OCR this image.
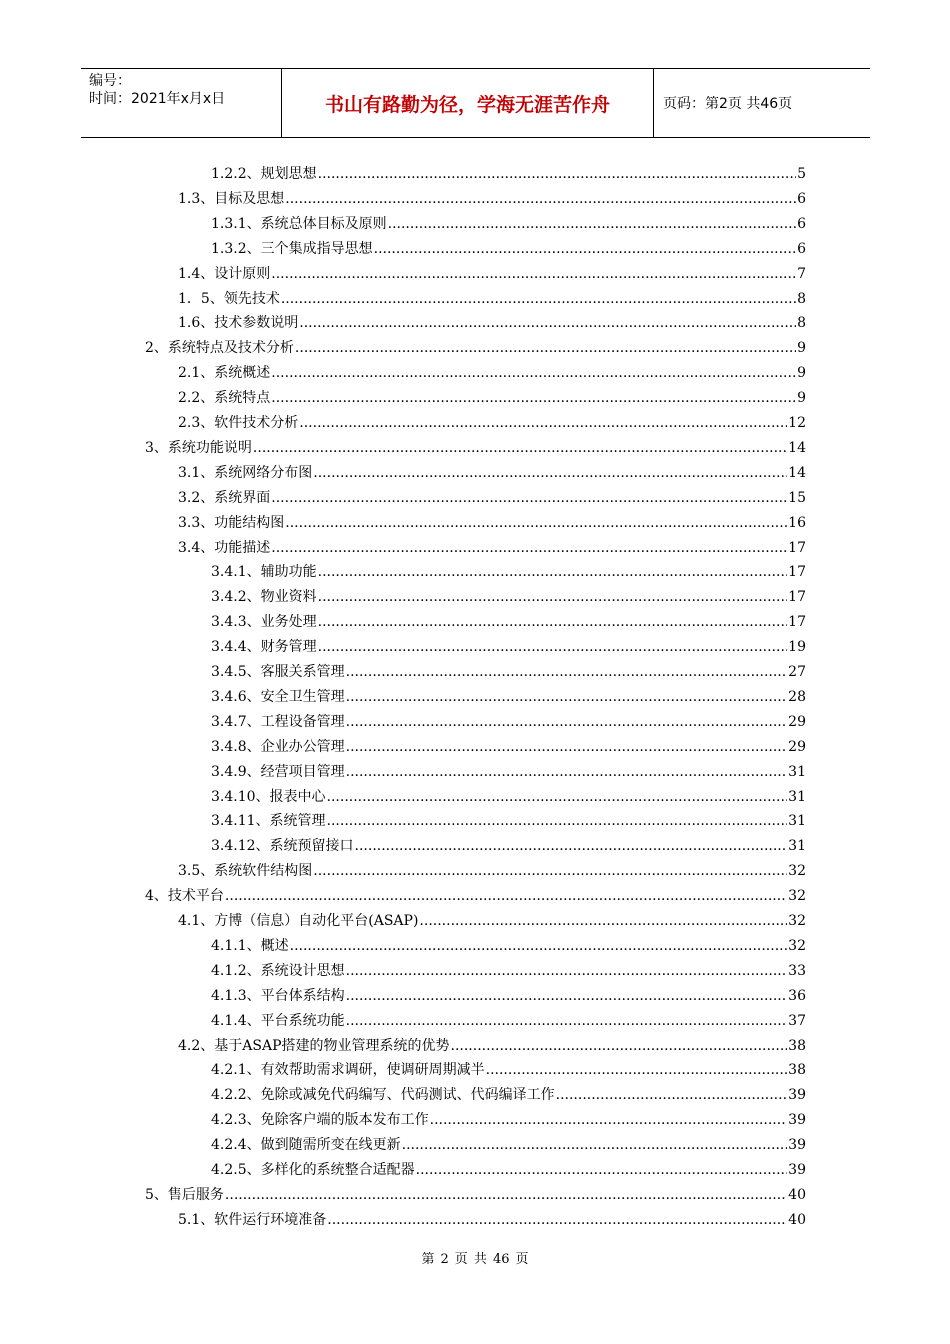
编号：
时间：2021年x月x日	书山有路勤为径，学海无涯苦作舟	页码：第2页 共46页
1.2.2、规划思想 .....	5
1.3、目标及思想 .....	6
1.3.1、系统总体目标及原则 .....	6
1.3.2、三个集成指导思想 .....	6
1.4、设计原则 .....	7
1．5、领先技术 .....	8
1.6、技术参数说明 .....	8
2、系统特点及技术分析 .....	9
2.1、系统概述 .....	9
2.2、系统特点 .....	9
2.3、软件技术分析 .....	12
3、系统功能说明 .....	14
3.1、系统网络分布图 .....	14
3.2、系统界面 .....	15
3.3、功能结构图 .....	16
3.4、功能描述 .....	17
3.4.1、辅助功能 .....	17
3.4.2、物业资料 .....	17
3.4.3、业务处理 .....	17
3.4.4、财务管理 .....	19
3.4.5、客服关系管理 .....	27
3.4.6、安全卫生管理 .....	28
3.4.7、工程设备管理 .....	29
3.4.8、企业办公管理 .....	29
3.4.9、经营项目管理 .....	31
3.4.10、报表中心 .....	31
3.4.11、系统管理 .....	31
3.4.12、系统预留接口 .....	31
3.5、系统软件结构图 .....	32
4、技术平台 .....	32
4.1、方博（信息）自动化平台(ASAP) .....	32
4.1.1、概述 .....	32
4.1.2、系统设计思想 .....	33
4.1.3、平台体系结构 .....	36
4.1.4、平台系统功能 .....	37
4.2、基于ASAP搭建的物业管理系统的优势 .....	38
4.2.1、有效帮助需求调研，使调研周期减半 .....	38
4.2.2、免除或减免代码编写、代码测试、代码编译工作 .....	39
4.2.3、免除客户端的版本发布工作 .....	39
4.2.4、做到随需所变在线更新 .....	39
4.2.5、多样化的系统整合适配器 .....	39
5、售后服务 .....	40
5.1、软件运行环境准备 .....	40
第 2 页 共 46 页
